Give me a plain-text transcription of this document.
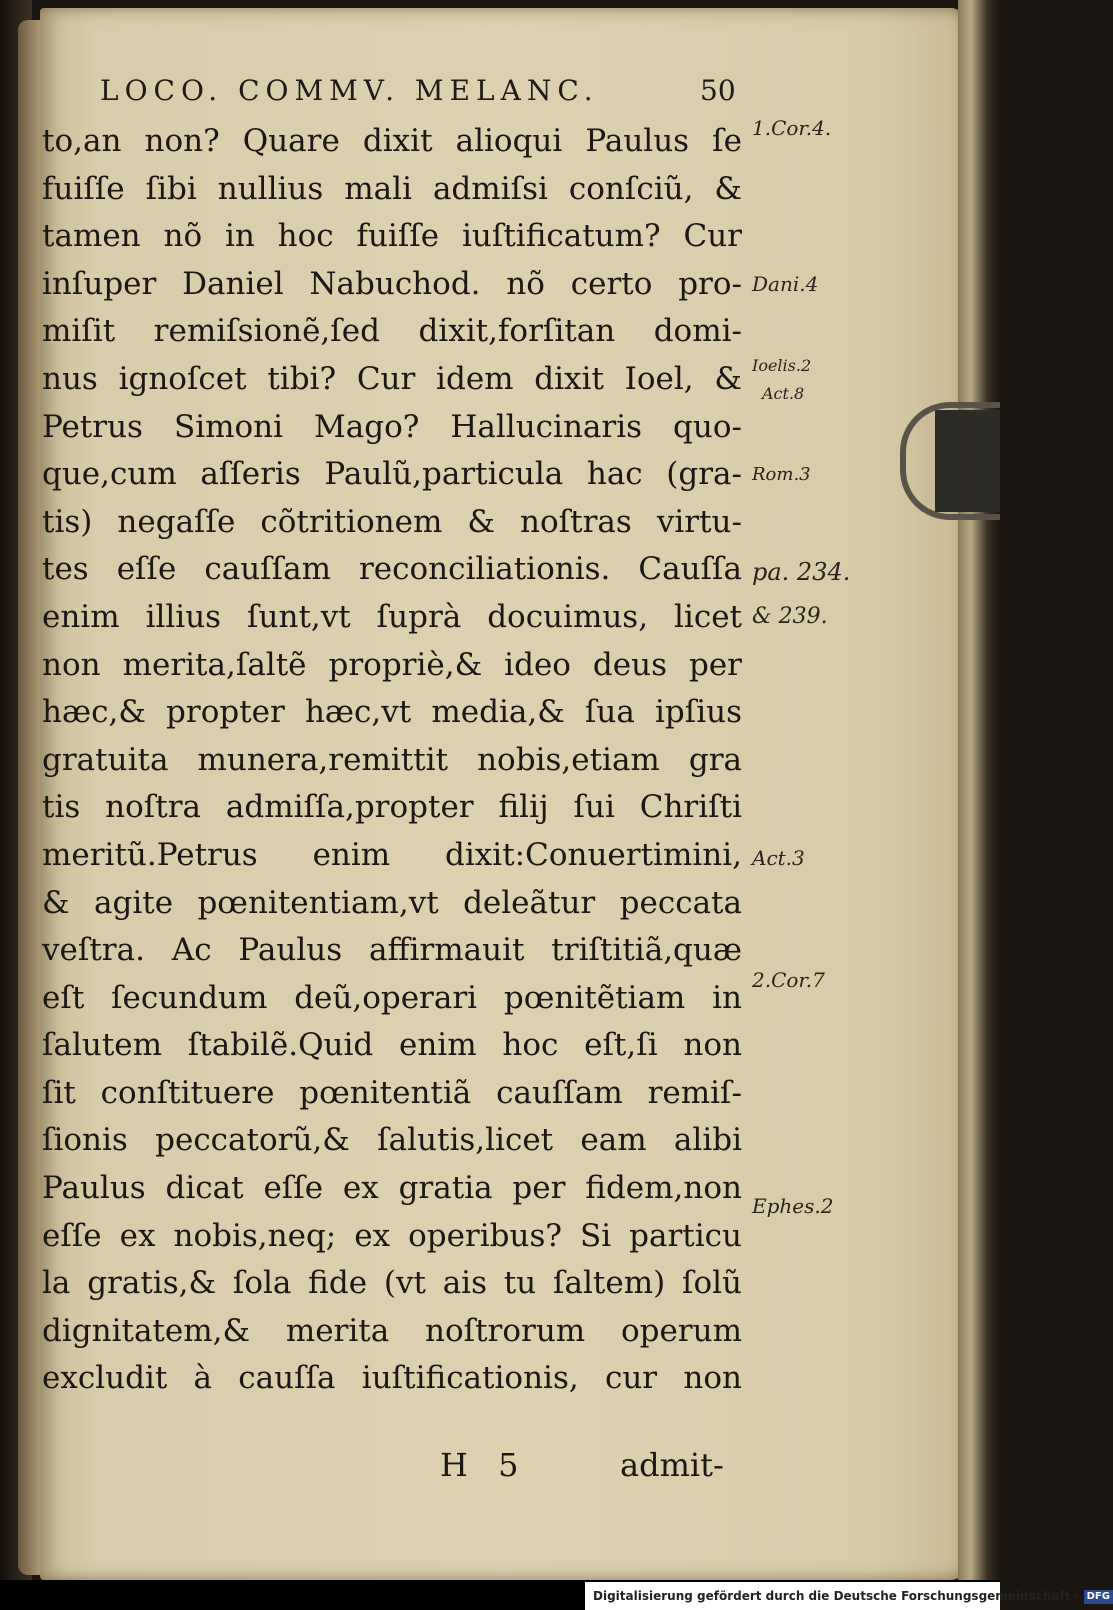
LOCO. COMMV. MELANC.	50
to,an non? Quare dixit alioqui Paulus ſe
fuiſſe ſibi nullius mali admiſsi conſciũ, &
tamen nõ in hoc fuiſſe iuſtificatum? Cur
inſuper Daniel Nabuchod. nõ certo pro-
miſit remiſsionẽ,ſed dixit,forſitan domi-
nus ignoſcet tibi? Cur idem dixit Ioel, &
Petrus Simoni Mago? Hallucinaris quo-
que,cum aſſeris Paulũ,particula hac (gra-
tis) negaſſe cõtritionem & noſtras virtu-
tes eſſe cauſſam reconciliationis. Cauſſa
enim illius ſunt,vt ſuprà docuimus, licet
non merita,ſaltẽ propriè,& ideo deus per
hæc,& propter hæc,vt media,& ſua ipſius
gratuita munera,remittit nobis,etiam gra
tis noſtra admiſſa,propter filij ſui Chriſti
meritũ.Petrus enim dixit:Conuertimini,
& agite pœnitentiam,vt deleãtur peccata
veſtra. Ac Paulus affirmauit triſtitiã,quæ
eſt ſecundum deũ,operari pœnitẽtiam in
ſalutem ſtabilẽ.Quid enim hoc eſt,ſi non
ſit conſtituere pœnitentiã cauſſam remiſ-
ſionis peccatorũ,& ſalutis,licet eam alibi
Paulus dicat eſſe ex gratia per fidem,non
eſſe ex nobis,neq; ex operibus? Si particu
la gratis,& ſola fide (vt ais tu ſaltem) ſolũ
dignitatem,& merita noſtrorum operum
excludit à cauſſa iuſtificationis, cur non
1.Cor.4.
Dani.4
Ioelis.2
Act.8
Rom.3
pa. 234.
& 239.
Act.3
2.Cor.7
Ephes.2
H 5	admit-
Digitalisierung gefördert durch die Deutsche Forschungsgemeinschaft - DFG
